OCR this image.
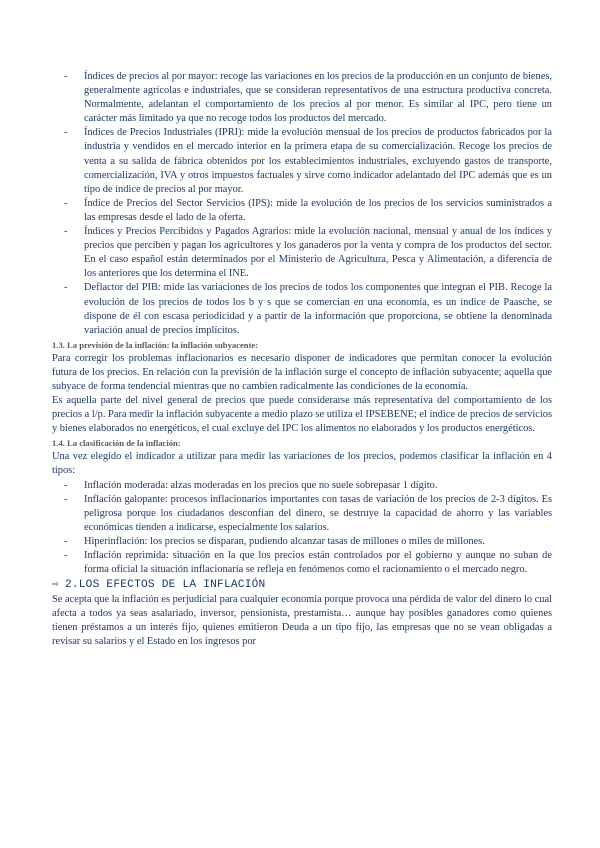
- Índices de precios al por mayor: recoge las variaciones en los precios de la producción en un conjunto de bienes, generalmente agrícolas e industriales, que se consideran representativos de una estructura productiva concreta. Normalmente, adelantan el comportamiento de los precios al por menor. Es similar al IPC, pero tiene un carácter más limitado ya que no recoge todos los productos del mercado.
- Índices de Precios Industriales (IPRI): mide la evolución mensual de los precios de productos fabricados por la industria y vendidos en el mercado interior en la primera etapa de su comercialización. Recoge los precios de venta a su salida de fábrica obtenidos por los establecimientos industriales, excluyendo gastos de transporte, comercialización, IVA y otros impuestos factuales y sirve como indicador adelantado del IPC además que es un tipo de índice de precios al por mayor.
- Índice de Precios del Sector Servicios (IPS): mide la evolución de los precios de los servicios suministrados a las empresas desde el lado de la oferta.
- Índices y Precios Percibidos y Pagados Agrarios: mide la evolución nacional, mensual y anual de los índices y precios que perciben y pagan los agricultores y los ganaderos por la venta y compra de los productos del sector. En el caso español están determinados por el Ministerio de Agricultura, Pesca y Alimentación, a diferencia de los anteriores que los determina el INE.
- Deflactor del PIB: mide las variaciones de los precios de todos los componentes que integran el PIB. Recoge la evolución de los precios de todos los b y s que se comercian en una economía, es un índice de Paasche, se dispone de él con escasa periodicidad y a partir de la información que proporciona, se obtiene la denominada variación anual de precios implícitos.
1.3. La previsión de la inflación: la inflación subyacente:

Para corregir los problemas inflacionarios es necesario disponer de indicadores que permitan conocer la evolución futura de los precios. En relación con la previsión de la inflación surge el concepto de inflación subyacente; aquella que subyace de forma tendencial mientras que no cambien radicalmente las condiciones de la economía.

Es aquella parte del nivel general de precios que puede considerarse más representativa del comportamiento de los precios a l/p. Para medir la inflación subyacente a medio plazo se utiliza el IPSEBENE; el índice de precios de servicios y bienes elaborados no energéticos, el cual excluye del IPC los alimentos no elaborados y los productos energéticos.

1.4. La clasificación de la inflación:

Una vez elegido el indicador a utilizar para medir las variaciones de los precios, podemos clasificar la inflación en 4 tipos:

- Inflación moderada: alzas moderadas en los precios que no suele sobrepasar 1 dígito.
- Inflación galopante: procesos inflacionarios importantes con tasas de variación de los precios de 2-3 dígitos. Es peligrosa porque los ciudadanos desconfían del dinero, se destruye la capacidad de ahorro y las variables económicas tienden a indicarse, especialmente los salarios.
- Hiperinflación: los precios se disparan, pudiendo alcanzar tasas de millones o miles de millones.
- Inflación reprimida: situación en la que los precios están controlados por el gobierno y aunque no suban de forma oficial la situación inflacionaria se refleja en fenómenos como el racionamiento o el mercado negro.
⇨ 2.LOS EFECTOS DE LA INFLACIÓN

Se acepta que la inflación es perjudicial para cualquier economía porque provoca una pérdida de valor del dinero lo cual afecta a todos ya seas asalariado, inversor, pensionista, prestamista… aunque hay posibles ganadores como quienes tienen préstamos a un interés fijo, quienes emitieron Deuda a un tipo fijo, las empresas que no se vean obligadas a revisar su salarios y el Estado en los ingresos por
